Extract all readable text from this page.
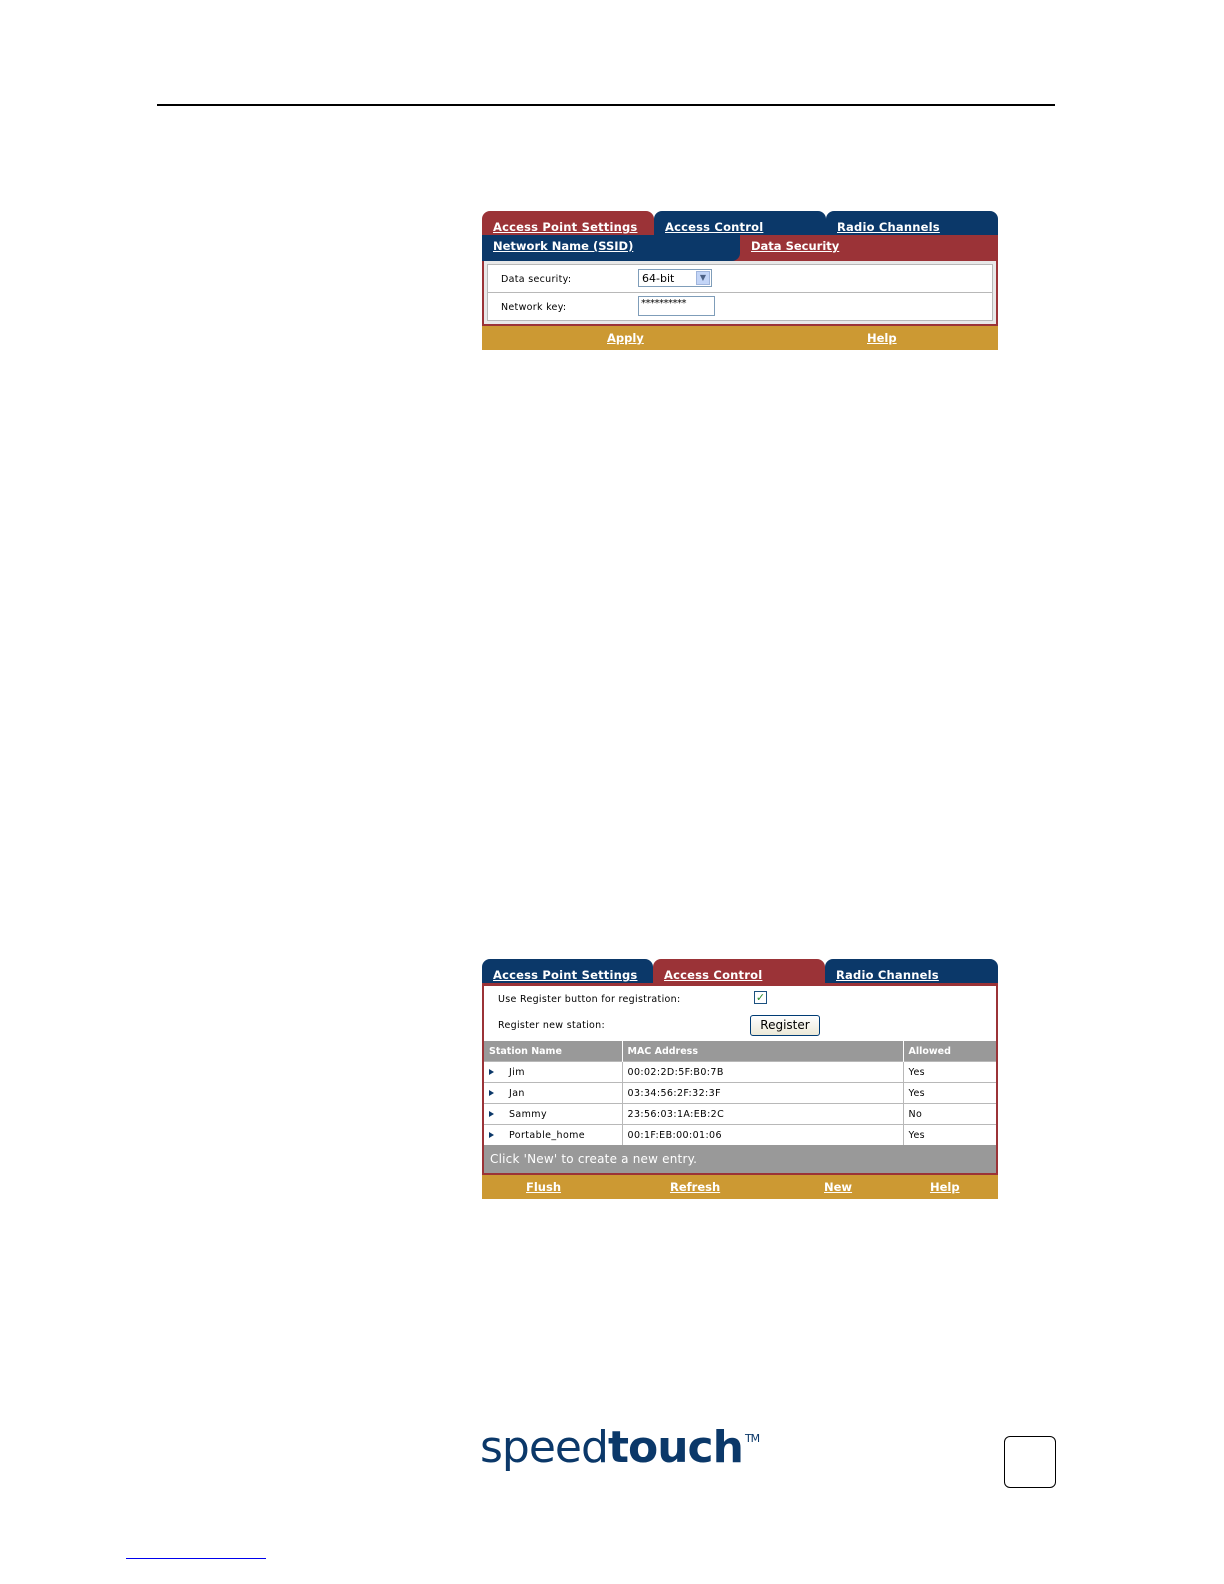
Access Point Settings	Access Control	Radio Channels
Network Name (SSID)	Data Security
Data security:	64-bit	▼
Network key:	**********
Apply	Help
Access Point Settings	Access Control	Radio Channels
Use Register button for registration:	✓
Register new station:	Register
Station Name	MAC Address	Allowed
Jim	00:02:2D:5F:B0:7B	Yes
Jan	03:34:56:2F:32:3F	Yes
Sammy	23:56:03:1A:EB:2C	No
Portable_home	00:1F:EB:00:01:06	Yes
Click 'New' to create a new entry.
Flush	Refresh	New	Help
speedtouch ™
